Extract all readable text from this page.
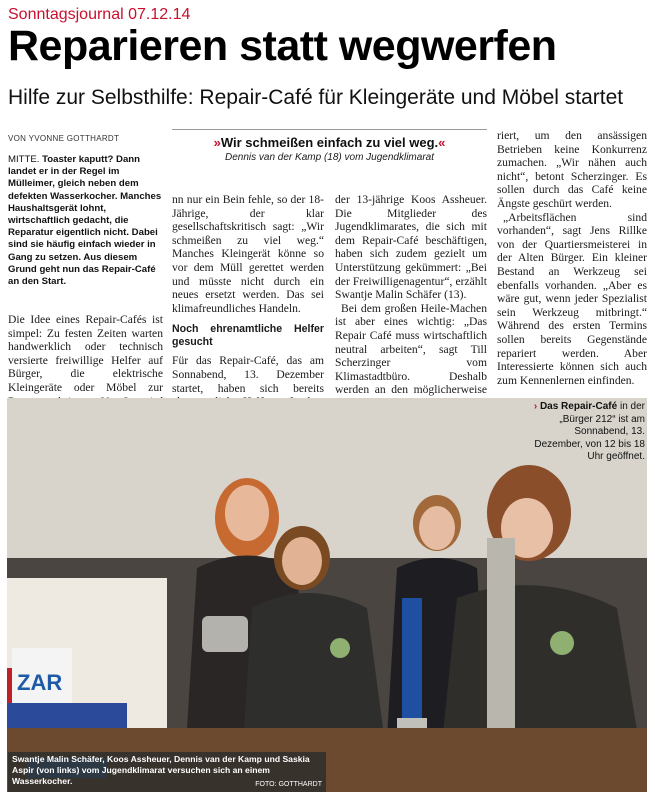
Sonntagsjournal 07.12.14
Reparieren statt wegwerfen
Hilfe zur Selbsthilfe: Repair-Café für Kleingeräte und Möbel startet
VON YVONNE GOTTHARDT
MITTE. Toaster kaputt? Dann landet er in der Regel im Mülleimer, gleich neben dem defekten Wasserkocher. Manches Haushaltsgerät lohnt, wirtschaftlich gedacht, die Reparatur eigentlich nicht. Dabei sind sie häufig einfach wieder in Gang zu setzen. Aus diesem Grund geht nun das Repair-Café an den Start.
»Wir schmeißen einfach zu viel weg.«
Dennis van der Kamp (18) vom Jugendklimarat

Die Idee eines Repair-Cafés ist simpel: Zu festen Zeiten warten handwerklich oder technisch versierte freiwillige Helfer auf Bürger, die elektrische Kleingeräte oder Möbel zur

nn nur ein Bein fehle, so der 18-Jährige, der klar gesellschaftskritisch sagt: „Wir schmeißen zu viel weg.“ Manches Kleingerät könne so vor dem Müll gerettet werden und müsste nicht durch ein neues ersetzt werden. Das sei klimafreundliches Handeln.

Noch ehrenamtliche Helfer gesucht

Für das Repair-Café, das am Sonnabend, 13. Dezember startet, haben sich bereits

der 13-jährige Koos Assheuer. Die Mitglieder des Jugendklimarates, die sich mit dem Repair-Café beschäftigen, haben sich zudem gezielt um Unterstützung gekümmert: „Bei der Freiwilligenagentur“, erzählt Swantje Malin Schäfer (13).

Bei dem großen Heile-Machen ist aber eines wichtig: „Das Repair Café muss wirtschaftlich neutral arbeiten“, sagt Till Scherzinger vom Klimastadtbüro. Deshalb werden an den möglicherweise

riert, um den ansässigen Betrieben keine Konkurrenz zumachen. „Wir nähen auch nicht“, betont Scherzinger. Es sollen durch das Café keine Ängste geschürt werden.

„Arbeitsflächen sind vorhanden“, sagt Jens Rillke von der Quartiersmeisterei in der Alten Bürger. Ein kleiner Bestand an Werkzeug sei ebenfalls vorhanden. „Aber es wäre gut, wenn jeder Spezialist sein Werkzeug mitbringt.“ Während des ersten Termins sollen bereits Gegenstände repariert werden. Aber Interessierte können sich auch zum Kennenlernen einfinden.

ZAR
› Das Repair-Café in der „Bürger 212“ ist am Sonnabend, 13. Dezember, von 12 bis 18 Uhr geöffnet.
Swantje Malin Schäfer, Koos Assheuer, Dennis van der Kamp und Saskia Aspir (von links) vom Jugendklimarat versuchen sich an einem Wasserkocher.	FOTO: GOTTHARDT
